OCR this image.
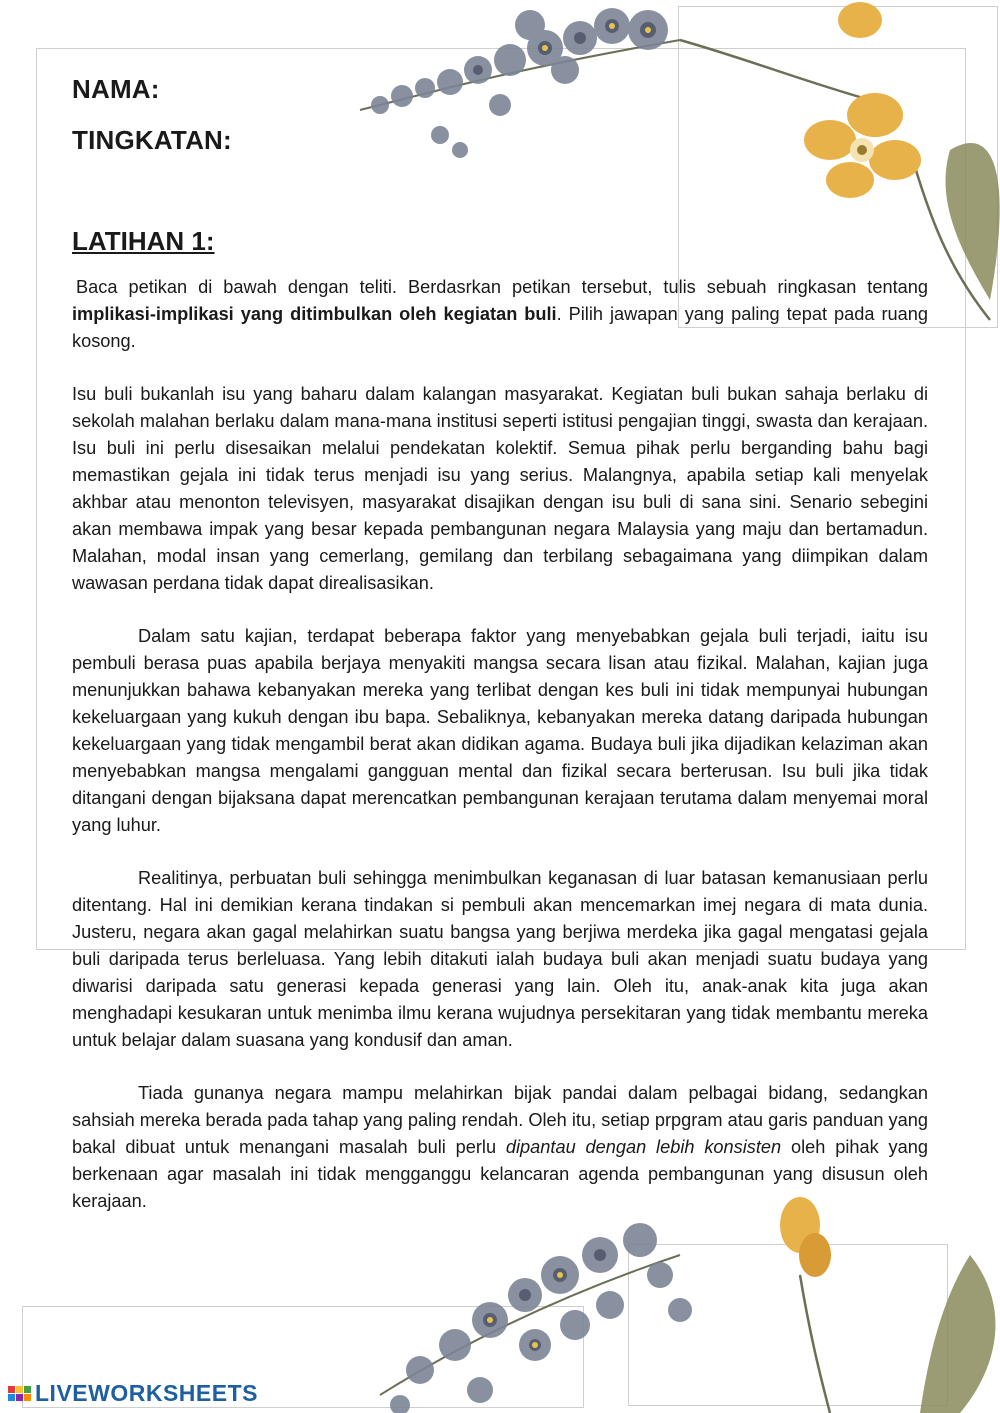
NAMA:
TINGKATAN:
LATIHAN 1:

Baca petikan di bawah dengan teliti. Berdasrkan petikan tersebut, tulis sebuah ringkasan tentang implikasi-implikasi yang ditimbulkan oleh kegiatan buli. Pilih jawapan yang paling tepat pada ruang kosong.

Isu buli bukanlah isu yang baharu dalam kalangan masyarakat. Kegiatan buli bukan sahaja berlaku di sekolah malahan berlaku dalam mana-mana institusi seperti istitusi pengajian tinggi, swasta dan kerajaan. Isu buli ini perlu disesaikan melalui pendekatan kolektif. Semua pihak perlu berganding bahu bagi memastikan gejala ini tidak terus menjadi isu yang serius. Malangnya, apabila setiap kali menyelak akhbar atau menonton televisyen, masyarakat disajikan dengan isu buli di sana sini. Senario sebegini akan membawa impak yang besar kepada pembangunan negara Malaysia yang maju dan bertamadun. Malahan, modal insan yang cemerlang, gemilang dan terbilang sebagaimana yang diimpikan dalam wawasan perdana tidak dapat direalisasikan.

Dalam satu kajian, terdapat beberapa faktor yang menyebabkan gejala buli terjadi, iaitu isu pembuli berasa puas apabila berjaya menyakiti mangsa secara lisan atau fizikal. Malahan, kajian juga menunjukkan bahawa kebanyakan mereka yang terlibat dengan kes buli ini tidak mempunyai hubungan kekeluargaan yang kukuh dengan ibu bapa. Sebaliknya, kebanyakan mereka datang daripada hubungan kekeluargaan yang tidak mengambil berat akan didikan agama. Budaya buli jika dijadikan kelaziman akan menyebabkan mangsa mengalami gangguan mental dan fizikal secara berterusan. Isu buli jika tidak ditangani dengan bijaksana dapat merencatkan pembangunan kerajaan terutama dalam menyemai moral yang luhur.

Realitinya, perbuatan buli sehingga menimbulkan keganasan di luar batasan kemanusiaan perlu ditentang. Hal ini demikian kerana tindakan si pembuli akan mencemarkan imej negara di mata dunia. Justeru, negara akan gagal melahirkan suatu bangsa yang berjiwa merdeka jika gagal mengatasi gejala buli daripada terus berleluasa. Yang lebih ditakuti ialah budaya buli akan menjadi suatu budaya yang diwarisi daripada satu generasi kepada generasi yang lain. Oleh itu, anak-anak kita juga akan menghadapi kesukaran untuk menimba ilmu kerana wujudnya persekitaran yang tidak membantu mereka untuk belajar dalam suasana yang kondusif dan aman.

Tiada gunanya negara mampu melahirkan bijak pandai dalam pelbagai bidang, sedangkan sahsiah mereka berada pada tahap yang paling rendah. Oleh itu, setiap prpgram atau garis panduan yang bakal dibuat untuk menangani masalah buli perlu dipantau dengan lebih konsisten oleh pihak yang berkenaan agar masalah ini tidak mengganggu kelancaran agenda pembangunan yang disusun oleh kerajaan.

LIVEWORKSHEETS
